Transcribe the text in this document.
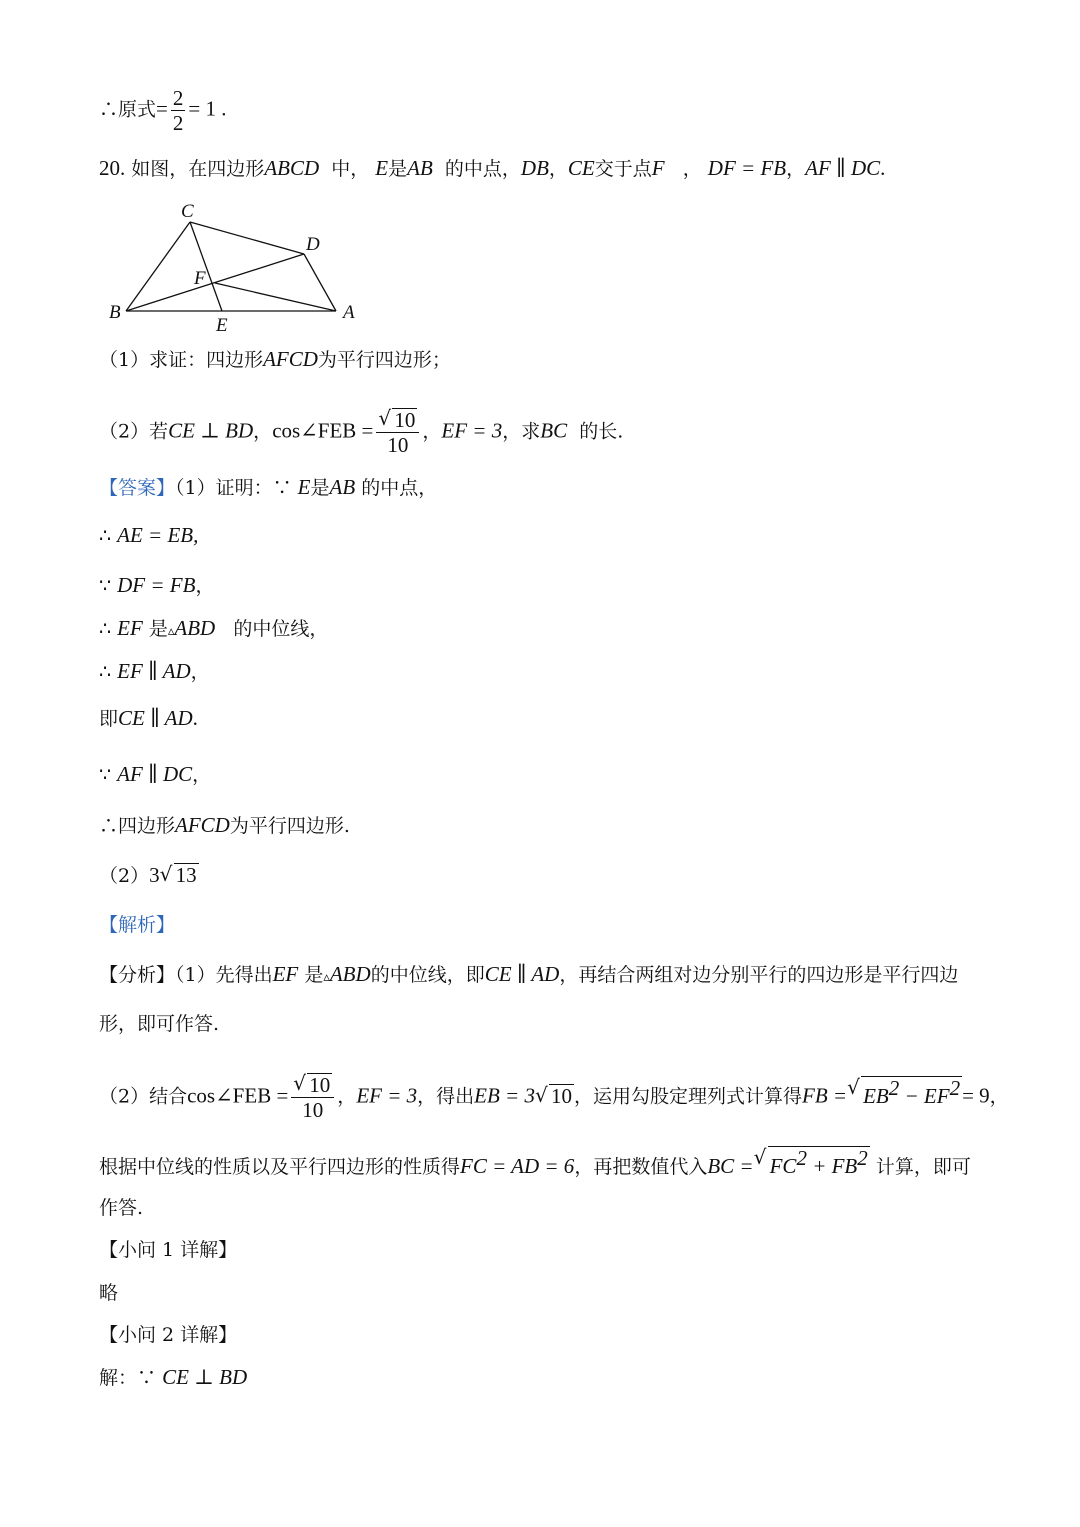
∴原式= $\frac{2}{2} = 1$ .
20. 如图，在四边形ABCD 中， E是AB 的中点，DB，CE交于点F ， DF = FB，AF ∥ DC.
C
D
F
B
E
A
（1）求证：四边形AFCD为平行四边形；
（2）若CE ⊥ BD，cos∠FEB = √ $\frac{10}{10}$ ，EF = 3，求BC 的长.
【答案】（1）证明：∵ E是AB 的中点，
∴ AE = EB,
∵ DF = FB，
∴ EF 是▵ABD 的中位线，
∴ EF ∥ AD，
即CE ∥ AD.
∵ AF ∥ DC，
∴四边形AFCD为平行四边形.
（2）3 √ 13
【解析】
【分析】（1）先得出EF 是▵ABD的中位线，即CE ∥ AD，再结合两组对边分别平行的四边形是平行四边
形，即可作答.
（2）结合cos∠FEB = √ $\frac{10}{10}$ ，EF = 3，得出EB = 3 √ 10 ，运用勾股定理列式计算得FB = √ $EB^2 - EF^2= 9$，
根据中位线的性质以及平行四边形的性质得FC = AD = 6，再把数值代入BC = √ $FC^2 + FB^2$ 计算，即可
作答.
【小问 1 详解】
略
【小问 2 详解】
解：∵ CE ⊥ BD
